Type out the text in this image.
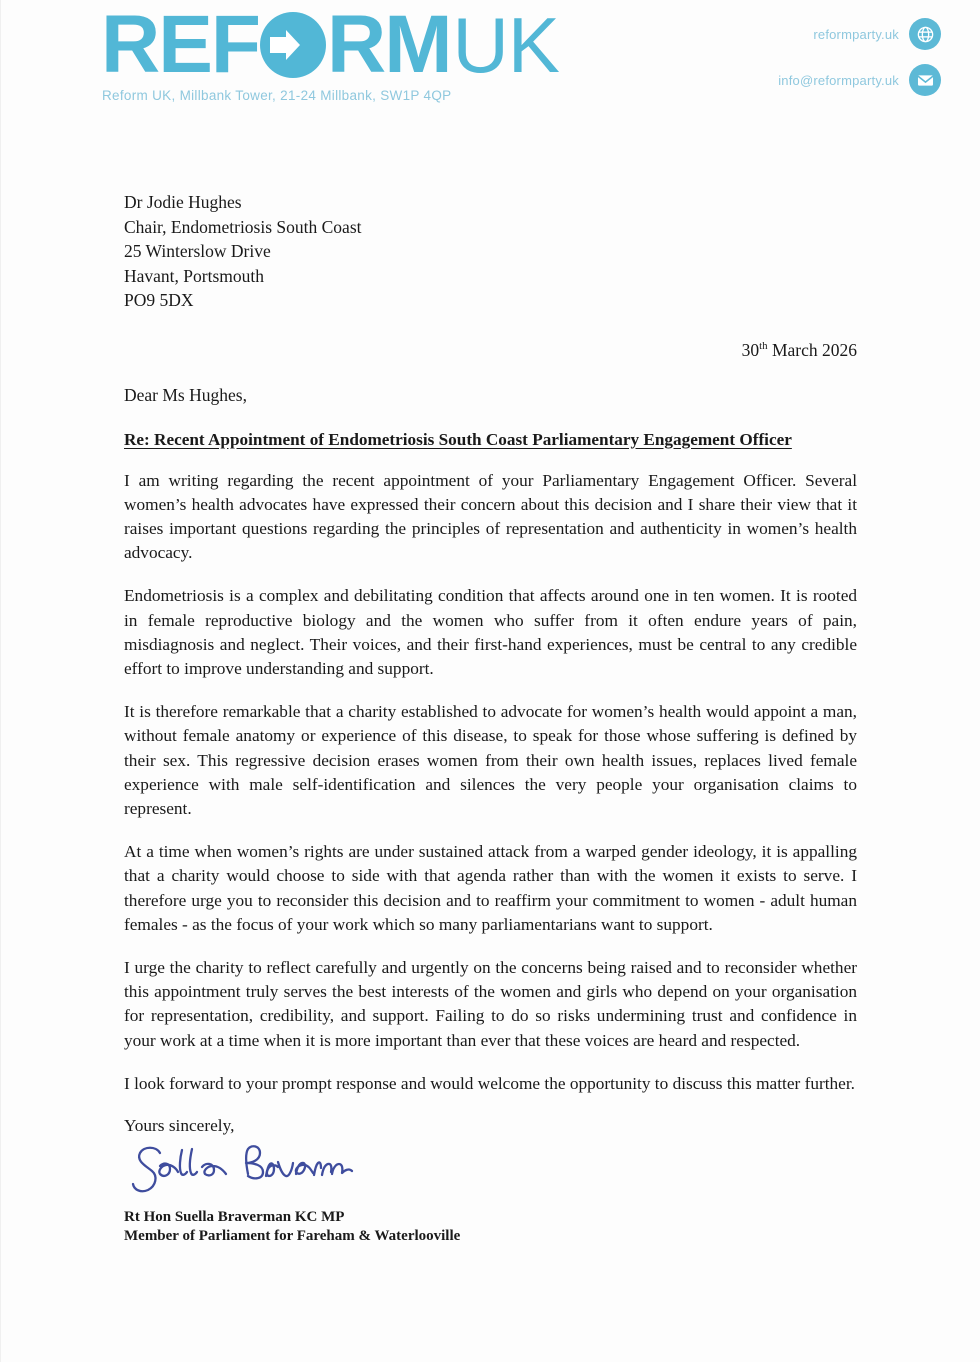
REF RM UK
Reform UK, Millbank Tower, 21-24 Millbank, SW1P 4QP
reformparty.uk
info@reformparty.uk
Dr Jodie Hughes
Chair, Endometriosis South Coast
25 Winterslow Drive
Havant, Portsmouth
PO9 5DX
30th March 2026
Dear Ms Hughes,
Re: Recent Appointment of Endometriosis South Coast Parliamentary Engagement Officer
I am writing regarding the recent appointment of your Parliamentary Engagement Officer. Several women’s health advocates have expressed their concern about this decision and I share their view that it raises important questions regarding the principles of representation and authenticity in women’s health advocacy.
Endometriosis is a complex and debilitating condition that affects around one in ten women. It is rooted in female reproductive biology and the women who suffer from it often endure years of pain, misdiagnosis and neglect. Their voices, and their first-hand experiences, must be central to any credible effort to improve understanding and support.
It is therefore remarkable that a charity established to advocate for women’s health would appoint a man, without female anatomy or experience of this disease, to speak for those whose suffering is defined by their sex. This regressive decision erases women from their own health issues, replaces lived female experience with male self-identification and silences the very people your organisation claims to represent.
At a time when women’s rights are under sustained attack from a warped gender ideology, it is appalling that a charity would choose to side with that agenda rather than with the women it exists to serve. I therefore urge you to reconsider this decision and to reaffirm your commitment to women - adult human females - as the focus of your work which so many parliamentarians want to support.
I urge the charity to reflect carefully and urgently on the concerns being raised and to reconsider whether this appointment truly serves the best interests of the women and girls who depend on your organisation for representation, credibility, and support. Failing to do so risks undermining trust and confidence in your work at a time when it is more important than ever that these voices are heard and respected.
I look forward to your prompt response and would welcome the opportunity to discuss this matter further.
Yours sincerely,
Rt Hon Suella Braverman KC MP
Member of Parliament for Fareham & Waterlooville
